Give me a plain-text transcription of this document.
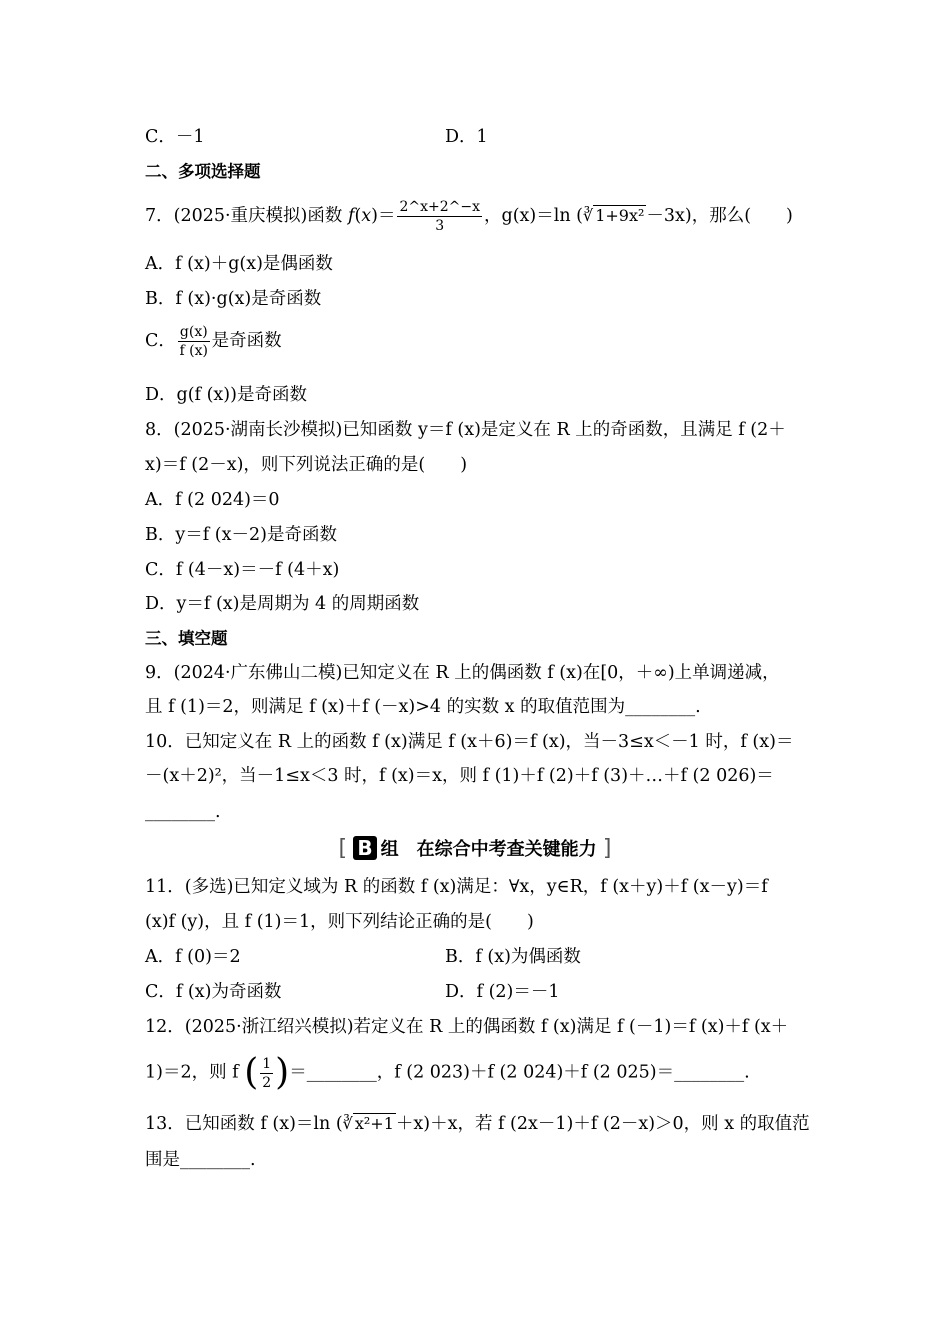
C．－1	D．1
二、多项选择题
7．(2025·重庆模拟)函数 $f(x)= \frac{2\^{}x+2\^{}-x}{3}$ ，g(x)＝ln (∛ 1+9x² －3x)，那么(　　)
A．f (x)＋g(x)是偶函数
B．f (x)·g(x)是奇函数
C． $\frac{g(x)}{f (x)}$ 是奇函数
D．g(f (x))是奇函数
8．(2025·湖南长沙模拟)已知函数 y＝f (x)是定义在 R 上的奇函数，且满足 f (2＋
x)＝f (2－x)，则下列说法正确的是(　　)
A．f (2 024)＝0
B．y＝f (x－2)是奇函数
C．f (4－x)＝－f (4＋x)
D．y＝f (x)是周期为 4 的周期函数
三、填空题
9．(2024·广东佛山二模)已知定义在 R 上的偶函数 f (x)在[0，＋∞)上单调递减，
且 f (1)＝2，则满足 f (x)＋f (－x)>4 的实数 x 的取值范围为________.
10．已知定义在 R 上的函数 f (x)满足 f (x＋6)＝f (x)，当－3≤x＜－1 时，f (x)＝
－(x＋2)²，当－1≤x＜3 时，f (x)＝x，则 f (1)＋f (2)＋f (3)＋…＋f (2 026)＝
________.
[ B 组　在综合中考查关键能力 ]
11．(多选)已知定义域为 R 的函数 f (x)满足：∀x，y∈R，f (x＋y)＋f (x－y)＝f
(x)f (y)，且 f (1)＝1，则下列结论正确的是(　　)
A．f (0)＝2	B．f (x)为偶函数
C．f (x)为奇函数	D．f (2)＝－1
12．(2025·浙江绍兴模拟)若定义在 R 上的偶函数 f (x)满足 f (－1)＝f (x)＋f (x＋
1)＝2，则 f ( $\frac{1}{2}$ )＝________，f (2 023)＋f (2 024)＋f (2 025)＝________.
13．已知函数 f (x)＝ln (∛ x²+1 ＋x)＋x，若 f (2x－1)＋f (2－x)＞0，则 x 的取值范
围是________.
